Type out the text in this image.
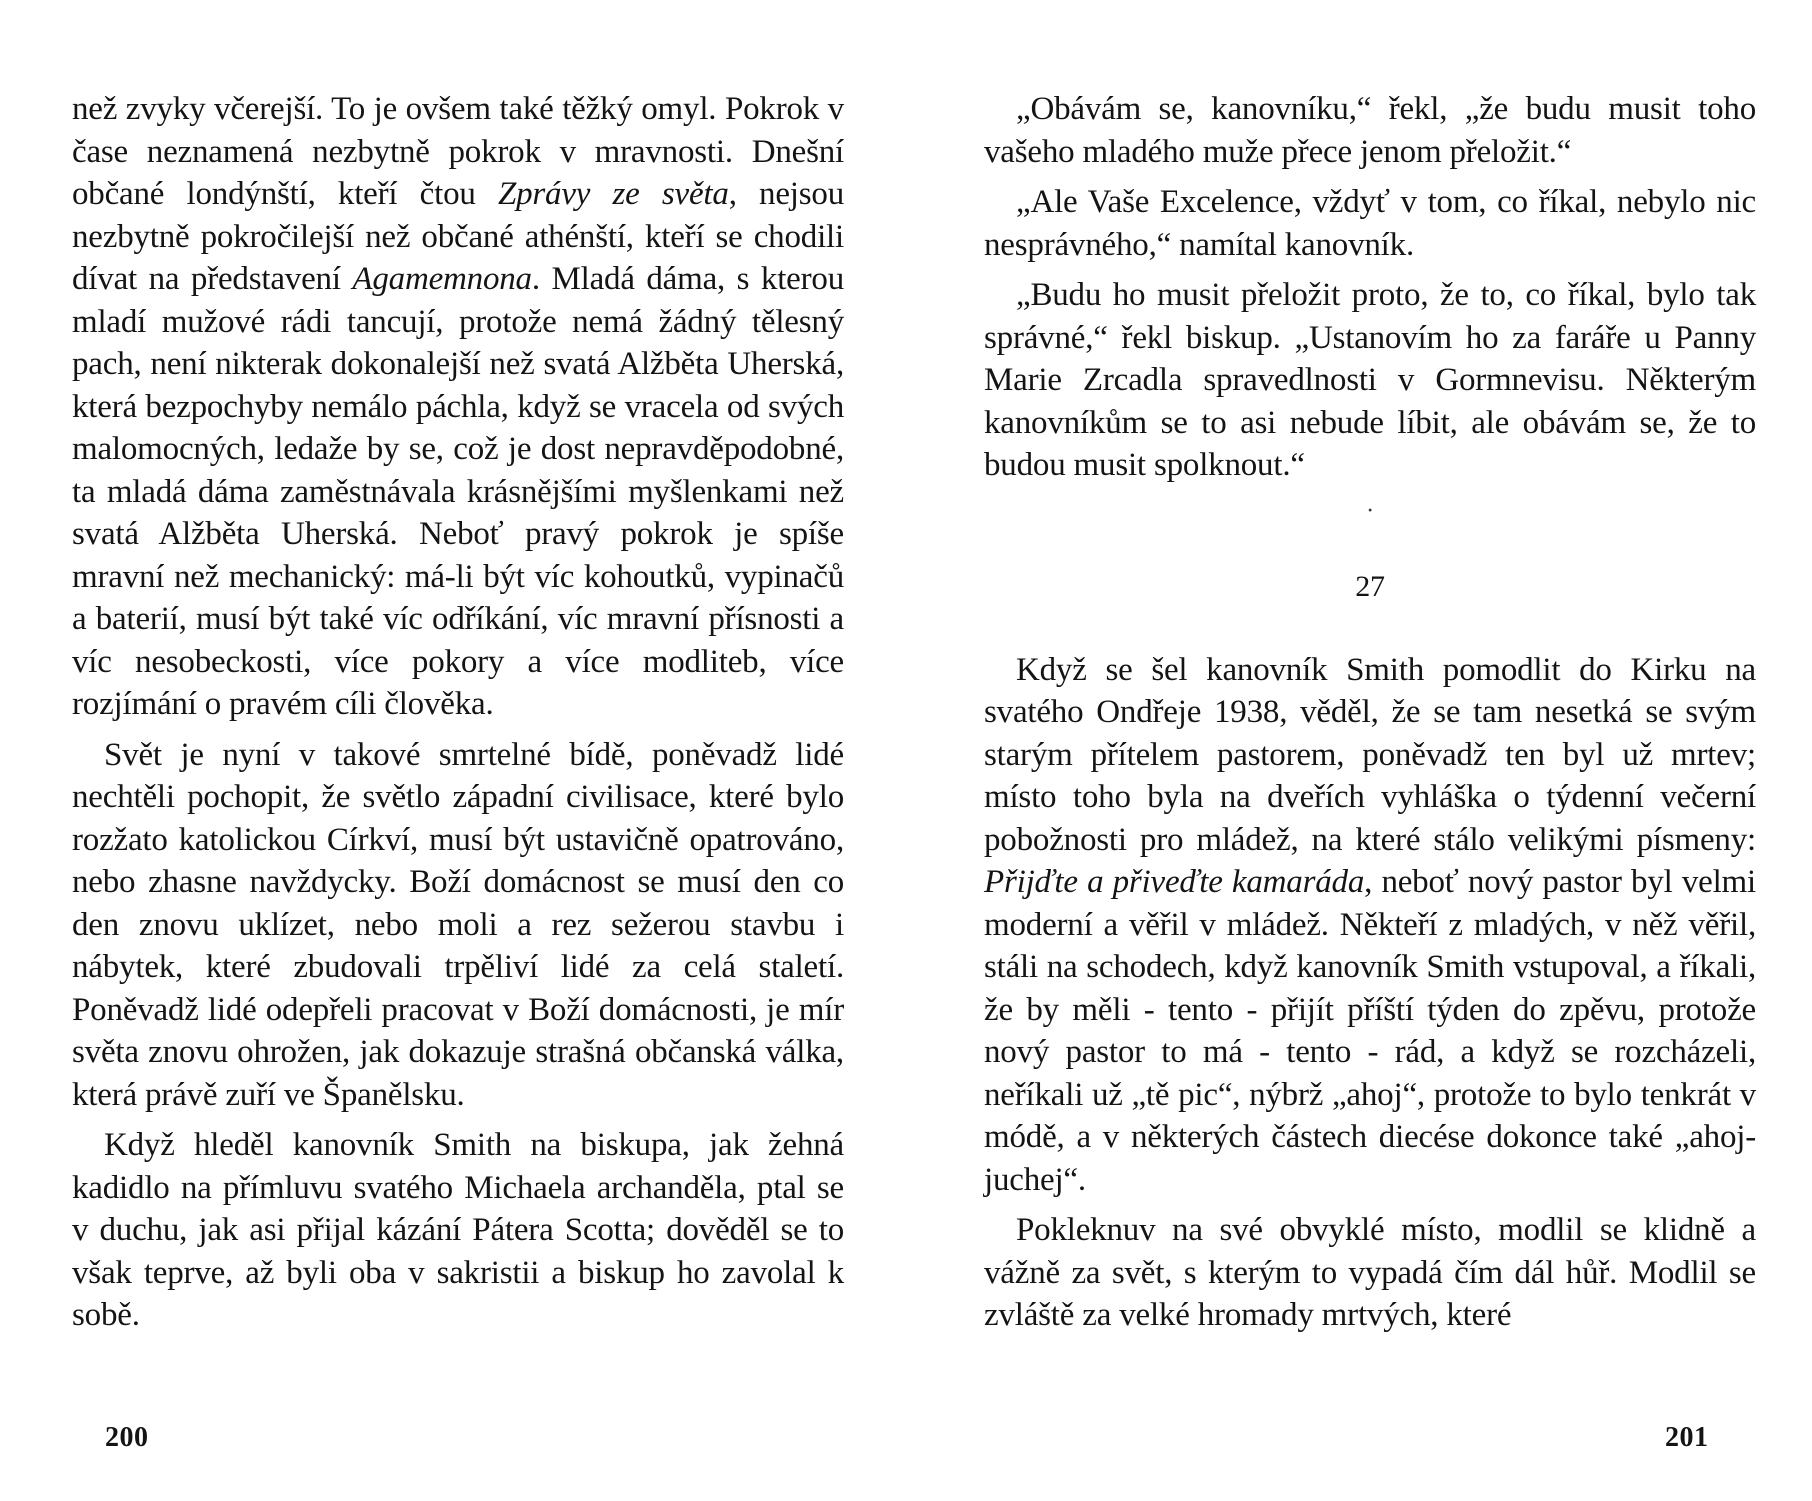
než zvyky včerejší. To je ovšem také těžký omyl. Pokrok v čase neznamená nezbytně pokrok v mravnosti. Dnešní občané londýnští, kteří čtou Zprávy ze světa, nejsou nezbytně pokročilejší než občané athénští, kteří se chodili dívat na představení Agamemnona. Mladá dáma, s kterou mladí mužové rádi tancují, protože nemá žádný tělesný pach, není nikterak dokonalejší než svatá Alžběta Uherská, která bezpochyby nemálo páchla, když se vracela od svých malomocných, ledaže by se, což je dost nepravděpodobné, ta mladá dáma zaměstnávala krásnějšími myšlenkami než svatá Alžběta Uherská. Neboť pravý pokrok je spíše mravní než mechanický: má-li být víc kohoutků, vypinačů a baterií, musí být také víc odříkání, víc mravní přísnosti a víc nesobeckosti, více pokory a více modliteb, více rozjímání o pravém cíli člověka.

Svět je nyní v takové smrtelné bídě, poněvadž lidé nechtěli pochopit, že světlo západní civilisace, které bylo rozžato katolickou Církví, musí být ustavičně opatrováno, nebo zhasne navždycky. Boží domácnost se musí den co den znovu uklízet, nebo moli a rez sežerou stavbu i nábytek, které zbudovali trpěliví lidé za celá staletí. Poněvadž lidé odepřeli pracovat v Boží domácnosti, je mír světa znovu ohrožen, jak dokazuje strašná občanská válka, která právě zuří ve Španělsku.

Když hleděl kanovník Smith na biskupa, jak žehná kadidlo na přímluvu svatého Michaela archanděla, ptal se v duchu, jak asi přijal kázání Pátera Scotta; dověděl se to však teprve, až byli oba v sakristii a biskup ho zavolal k sobě.

200

„Obávám se, kanovníku,“ řekl, „že budu musit toho vašeho mladého muže přece jenom přeložit.“

„Ale Vaše Excelence, vždyť v tom, co říkal, nebylo nic nesprávného,“ namítal kanovník.

„Budu ho musit přeložit proto, že to, co říkal, bylo tak správné,“ řekl biskup. „Ustanovím ho za faráře u Panny Marie Zrcadla spravedlnosti v Gormnevisu. Některým kanovníkům se to asi nebude líbit, ale obávám se, že to budou musit spolknout.“

·
27

Když se šel kanovník Smith pomodlit do Kirku na svatého Ondřeje 1938, věděl, že se tam nesetká se svým starým přítelem pastorem, poněvadž ten byl už mrtev; místo toho byla na dveřích vyhláška o týdenní večerní pobožnosti pro mládež, na které stálo velikými písmeny: Přijďte a přiveďte kamaráda, neboť nový pastor byl velmi moderní a věřil v mládež. Někteří z mladých, v něž věřil, stáli na schodech, když kanovník Smith vstupoval, a říkali, že by měli - tento - přijít příští týden do zpěvu, protože nový pastor to má - tento - rád, a když se rozcházeli, neříkali už „tě pic“, nýbrž „ahoj“, protože to bylo tenkrát v módě, a v některých částech diecése dokonce také „ahoj-juchej“.

Pokleknuv na své obvyklé místo, modlil se klidně a vážně za svět, s kterým to vypadá čím dál hůř. Modlil se zvláště za velké hromady mrtvých, které

201
